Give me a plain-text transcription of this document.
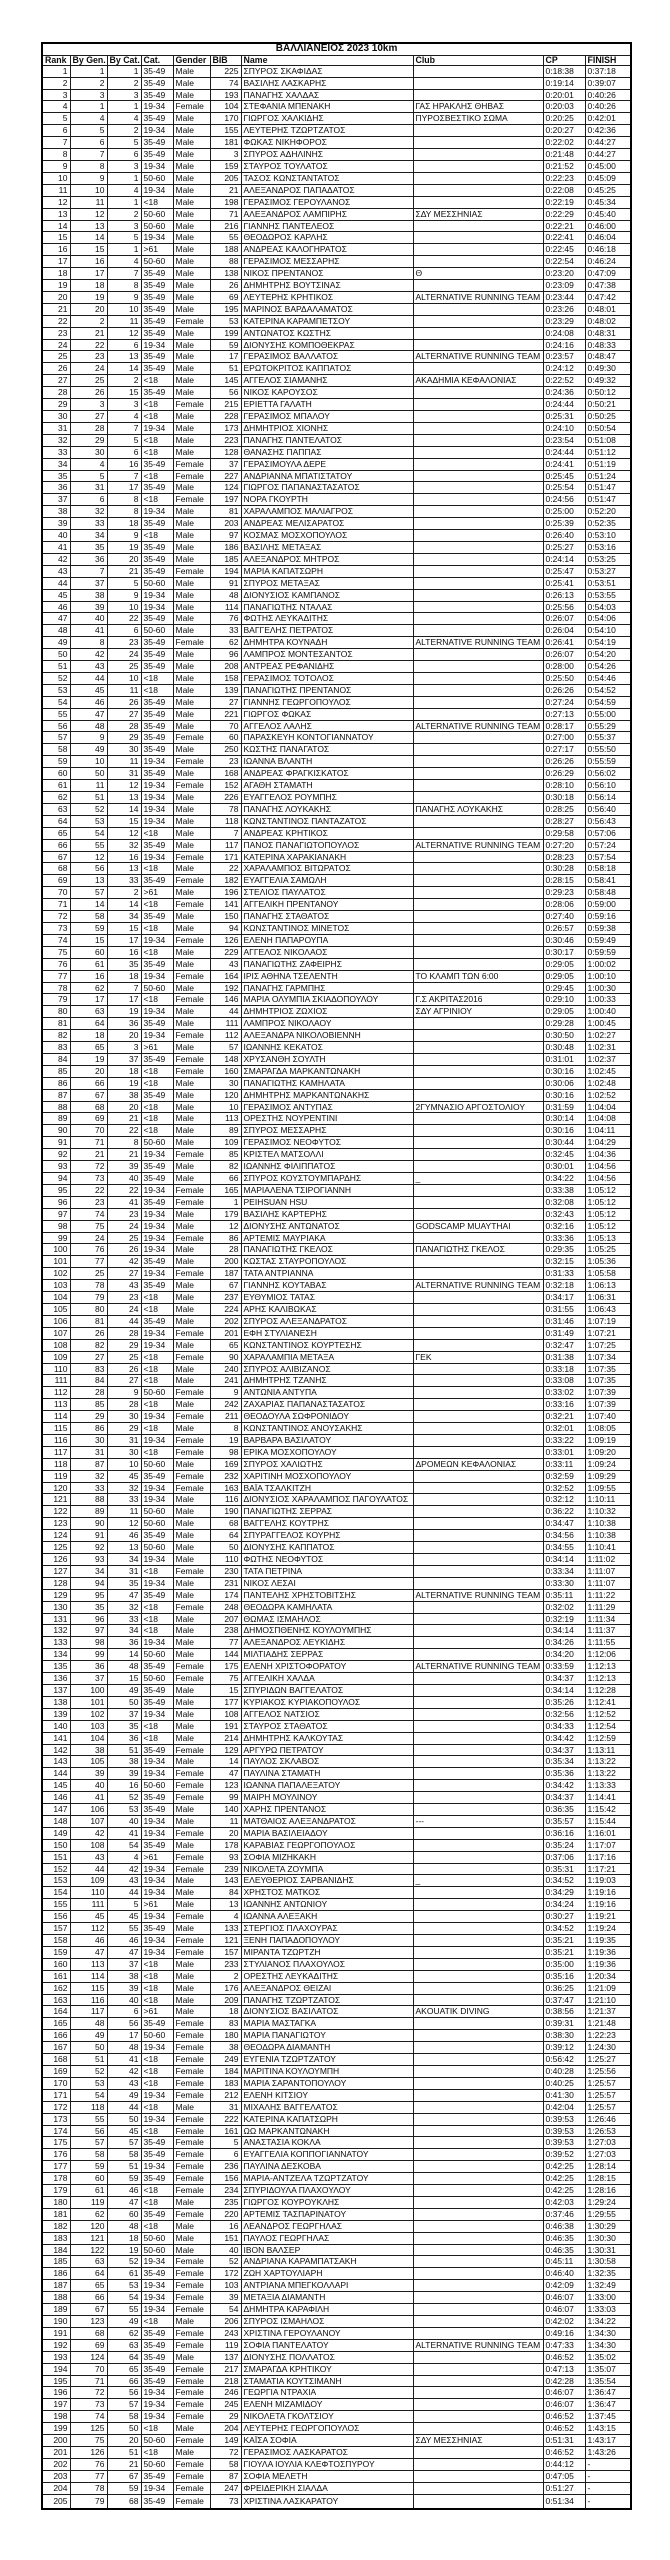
ΒΑΛΛΙΑΝΕΙΟΣ 2023 10km									
Rank	By Gen.	By Cat.	Cat.	Gender	BIB	Name	Club	CP	FINISH
1	1	1	35-49	Male	225	ΣΠΥΡΟΣ ΣΚΑΦΙΔΑΣ		0:18:38	0:37:18
2	2	2	35-49	Male	74	ΒΑΣΙΛΗΣ ΛΑΣΚΑΡΗΣ		0:19:14	0:39:07
3	3	3	35-49	Male	193	ΠΑΝΑΓΗΣ ΧΑΛΔΑΣ		0:20:01	0:40:26
4	1	1	19-34	Female	104	ΣΤΕΦΑΝΙΑ ΜΠΕΝΑΚΗ	ΓΑΣ ΗΡΑΚΛΗΣ ΘΗΒΑΣ	0:20:03	0:40:26
5	4	4	35-49	Male	170	ΓΙΩΡΓΟΣ ΧΑΛΚΙΔΗΣ	ΠΥΡΟΣΒΕΣΤΙΚΟ ΣΩΜΑ	0:20:25	0:42:01
6	5	2	19-34	Male	155	ΛΕΥΤΕΡΗΣ ΤΖΩΡΤΖΑΤΟΣ		0:20:27	0:42:36
7	6	5	35-49	Male	181	ΦΩΚΑΣ ΝΙΚΗΦΟΡΟΣ		0:22:02	0:44:27
8	7	6	35-49	Male	3	ΣΠΥΡΟΣ ΑΔΗΛΙΝΗΣ		0:21:48	0:44:27
9	8	3	19-34	Male	159	ΣΤΑΥΡΟΣ ΤΟΥΛΑΤΟΣ		0:21:52	0:45:00
10	9	1	50-60	Male	205	ΤΑΣΟΣ ΚΩΝΣΤΑΝΤΑΤΟΣ		0:22:23	0:45:09
11	10	4	19-34	Male	21	ΑΛΕΞΑΝΔΡΟΣ ΠΑΠΑΔΑΤΟΣ		0:22:08	0:45:25
12	11	1	<18	Male	198	ΓΕΡΑΣΙΜΟΣ ΓΕΡΟΥΛΑΝΟΣ		0:22:19	0:45:34
13	12	2	50-60	Male	71	ΑΛΕΞΑΝΔΡΟΣ ΛΑΜΠΙΡΗΣ	ΣΔΥ ΜΕΣΣΗΝΙΑΣ	0:22:29	0:45:40
14	13	3	50-60	Male	216	ΓΙΑΝΝΗΣ ΠΑΝΤΕΛΕΟΣ		0:22:21	0:46:00
15	14	5	19-34	Male	55	ΘΕΟΔΩΡΟΣ ΚΑΡΛΗΣ		0:22:41	0:46:04
16	15	1	>61	Male	188	ΑΝΔΡΕΑΣ ΚΑΛΟΓΗΡΑΤΟΣ		0:22:45	0:46:18
17	16	4	50-60	Male	88	ΓΕΡΑΣΙΜΟΣ ΜΕΣΣΑΡΗΣ		0:22:54	0:46:24
18	17	7	35-49	Male	138	ΝΙΚΟΣ ΠΡΕΝΤΑΝΟΣ	Θ	0:23:20	0:47:09
19	18	8	35-49	Male	26	ΔΗΜΗΤΡΗΣ ΒΟΥΤΣΙΝΑΣ		0:23:09	0:47:38
20	19	9	35-49	Male	69	ΛΕΥΤΕΡΗΣ ΚΡΗΤΙΚΟΣ	ALTERNATIVE RUNNING TEAM	0:23:44	0:47:42
21	20	10	35-49	Male	195	ΜΑΡΙΝΟΣ ΒΑΡΔΑΛΑΜΑΤΟΣ		0:23:26	0:48:01
22	2	11	35-49	Female	53	ΚΑΤΕΡΙΝΑ ΚΑΡΑΜΠΕΤΣΟΥ		0:23:29	0:48:02
23	21	12	35-49	Male	199	ΑΝΤΩΝΑΤΟΣ ΚΩΣΤΗΣ		0:24:08	0:48:31
24	22	6	19-34	Male	59	ΔΙΟΝΥΣΗΣ ΚΟΜΠΟΘΕΚΡΑΣ		0:24:16	0:48:33
25	23	13	35-49	Male	17	ΓΕΡΑΣΙΜΟΣ ΒΑΛΛΑΤΟΣ	ALTERNATIVE RUNNING TEAM	0:23:57	0:48:47
26	24	14	35-49	Male	51	ΕΡΩΤΟΚΡΙΤΟΣ ΚΑΠΠΑΤΟΣ		0:24:12	0:49:30
27	25	2	<18	Male	145	ΑΓΓΕΛΟΣ ΣΙΑΜΑΝΗΣ	ΑΚΑΔΗΜΙΑ ΚΕΦΑΛΟΝΙΑΣ	0:22:52	0:49:32
28	26	15	35-49	Male	56	ΝΙΚΟΣ ΚΑΡΟΥΣΟΣ		0:24:36	0:50:12
29	3	3	<18	Female	215	ΕΡΙΕΤΤΑ ΓΑΛΑΤΗ		0:24:44	0:50:21
30	27	4	<18	Male	228	ΓΕΡΑΣΙΜΟΣ ΜΠΑΛΟΥ		0:25:31	0:50:25
31	28	7	19-34	Male	173	ΔΗΜΗΤΡΙΟΣ ΧΙΟΝΗΣ		0:24:10	0:50:54
32	29	5	<18	Male	223	ΠΑΝΑΓΗΣ ΠΑΝΤΕΛΑΤΟΣ		0:23:54	0:51:08
33	30	6	<18	Male	128	ΘΑΝΑΣΗΣ ΠΑΠΠΑΣ		0:24:44	0:51:12
34	4	16	35-49	Female	37	ΓΕΡΑΣΙΜΟΥΛΑ ΔΕΡΕ		0:24:41	0:51:19
35	5	7	<18	Female	227	ΑΝΔΡΙΑΝΝΑ ΜΠΑΤΙΣΤΑΤΟΥ		0:25:45	0:51:24
36	31	17	35-49	Male	124	ΓΙΩΡΓΟΣ ΠΑΠΑΝΑΣΤΑΣΑΤΟΣ		0:25:54	0:51:47
37	6	8	<18	Female	197	ΝΟΡΑ ΓΚΟΥΡΤΗ		0:24:56	0:51:47
38	32	8	19-34	Male	81	ΧΑΡΑΛΑΜΠΟΣ ΜΑΛΙΑΓΡΟΣ		0:25:00	0:52:20
39	33	18	35-49	Male	203	ΑΝΔΡΕΑΣ ΜΕΛΙΣΑΡΑΤΟΣ		0:25:39	0:52:35
40	34	9	<18	Male	97	ΚΟΣΜΑΣ ΜΟΣΧΟΠΟΥΛΟΣ		0:26:40	0:53:10
41	35	19	35-49	Male	186	ΒΑΣΙΛΗΣ ΜΕΤΑΞΑΣ		0:25:27	0:53:16
42	36	20	35-49	Male	185	ΑΛΕΞΑΝΔΡΟΣ ΜΗΤΡΟΣ		0:24:14	0:53:25
43	7	21	35-49	Female	194	ΜΑΡΙΑ ΚΑΠΑΤΣΩΡΗ		0:25:47	0:53:27
44	37	5	50-60	Male	91	ΣΠΥΡΟΣ ΜΕΤΑΞΑΣ		0:25:41	0:53:51
45	38	9	19-34	Male	48	ΔΙΟΝΥΣΙΟΣ ΚΑΜΠΑΝΟΣ		0:26:13	0:53:55
46	39	10	19-34	Male	114	ΠΑΝΑΓΙΩΤΗΣ ΝΤΑΛΑΣ		0:25:56	0:54:03
47	40	22	35-49	Male	76	ΦΩΤΗΣ ΛΕΥΚΑΔΙΤΗΣ		0:26:07	0:54:06
48	41	6	50-60	Male	33	ΒΑΓΓΕΛΗΣ ΠΕΤΡΑΤΟΣ		0:26:04	0:54:10
49	8	23	35-49	Female	62	ΔΗΜΗΤΡΑ ΚΟΥΝΑΔΗ	ALTERNATIVE RUNNING TEAM	0:26:41	0:54:19
50	42	24	35-49	Male	96	ΛΑΜΠΡΟΣ ΜΟΝΤΕΣΑΝΤΟΣ		0:26:07	0:54:20
51	43	25	35-49	Male	208	ΑΝΤΡΕΑΣ ΡΕΦΑΝΙΔΗΣ		0:28:00	0:54:26
52	44	10	<18	Male	158	ΓΕΡΑΣΙΜΟΣ ΤΟΤΟΛΟΣ		0:25:50	0:54:46
53	45	11	<18	Male	139	ΠΑΝΑΓΙΩΤΗΣ ΠΡΕΝΤΑΝΟΣ		0:26:26	0:54:52
54	46	26	35-49	Male	27	ΓΙΑΝΝΗΣ ΓΕΩΡΓΟΠΟΥΛΟΣ		0:27:24	0:54:59
55	47	27	35-49	Male	221	ΓΙΩΡΓΟΣ ΦΩΚΑΣ		0:27:13	0:55:00
56	48	28	35-49	Male	70	ΑΓΓΕΛΟΣ ΛΑΛΗΣ	ALTERNATIVE RUNNING TEAM	0:28:17	0:55:29
57	9	29	35-49	Female	60	ΠΑΡΑΣΚΕΥΗ ΚΟΝΤΟΓΙΑΝΝΑΤΟΥ		0:27:00	0:55:37
58	49	30	35-49	Male	250	ΚΩΣΤΗΣ ΠΑΝΑΓΑΤΟΣ		0:27:17	0:55:50
59	10	11	19-34	Female	23	ΙΩΑΝΝΑ ΒΛΑΝΤΗ		0:26:26	0:55:59
60	50	31	35-49	Male	168	ΑΝΔΡΕΑΣ ΦΡΑΓΚΙΣΚΑΤΟΣ		0:26:29	0:56:02
61	11	12	19-34	Female	152	ΑΓΑΘΗ ΣΤΑΜΑΤΗ		0:28:10	0:56:10
62	51	13	19-34	Male	226	ΕΥΑΓΓΕΛΟΣ ΡΟΥΜΠΗΣ		0:30:18	0:56:14
63	52	14	19-34	Male	78	ΠΑΝΑΓΗΣ ΛΟΥΚΑΚΗΣ	ΠΑΝΑΓΗΣ ΛΟΥΚΑΚΗΣ	0:28:25	0:56:40
64	53	15	19-34	Male	118	ΚΩΝΣΤΑΝΤΙΝΟΣ ΠΑΝΤΑΖΑΤΟΣ		0:28:27	0:56:43
65	54	12	<18	Male	7	ΑΝΔΡΕΑΣ ΚΡΗΤΙΚΟΣ		0:29:58	0:57:06
66	55	32	35-49	Male	117	ΠΑΝΟΣ ΠΑΝΑΓΙΩΤΟΠΟΥΛΟΣ	ALTERNATIVE RUNNING TEAM	0:27:20	0:57:24
67	12	16	19-34	Female	171	ΚΑΤΕΡΙΝΑ ΧΑΡΑΚΙΑΝΑΚΗ		0:28:23	0:57:54
68	56	13	<18	Male	22	ΧΑΡΑΛΑΜΠΟΣ ΒΙΤΩΡΑΤΟΣ		0:30:28	0:58:18
69	13	33	35-49	Female	182	ΕΥΑΓΓΕΛΙΑ ΣΑΜΩΛΗ		0:28:15	0:58:41
70	57	2	>61	Male	196	ΣΤΕΛΙΟΣ ΠΑΥΛΑΤΟΣ		0:29:23	0:58:48
71	14	14	<18	Female	141	ΑΓΓΕΛΙΚΗ ΠΡΕΝΤΑΝΟΥ		0:28:06	0:59:00
72	58	34	35-49	Male	150	ΠΑΝΑΓΗΣ ΣΤΑΘΑΤΟΣ		0:27:40	0:59:16
73	59	15	<18	Male	94	ΚΩΝΣΤΑΝΤΙΝΟΣ ΜΙΝΕΤΟΣ		0:26:57	0:59:38
74	15	17	19-34	Female	126	ΕΛΕΝΗ ΠΑΠΑΡΟΥΠΑ		0:30:46	0:59:49
75	60	16	<18	Male	229	ΑΓΓΕΛΟΣ ΝΙΚΟΛΑΟΣ		0:30:17	0:59:59
76	61	35	35-49	Male	43	ΠΑΝΑΓΙΩΤΗΣ ΖΑΦΕΙΡΗΣ		0:29:05	1:00:02
77	16	18	19-34	Female	164	ΙΡΙΣ ΑΘΗΝΑ ΤΣΕΛΕΝΤΗ	ΤΟ ΚΛΑΜΠ ΤΩΝ 6:00	0:29:05	1:00:10
78	62	7	50-60	Male	192	ΠΑΝΑΓΗΣ ΓΑΡΜΠΗΣ		0:29:45	1:00:30
79	17	17	<18	Female	146	ΜΑΡΙΑ ΟΛΥΜΠΙΑ ΣΚΙΑΔΟΠΟΥΛΟΥ	Γ.Σ ΑΚΡΙΤΑΣ2016	0:29:10	1:00:33
80	63	19	19-34	Male	44	ΔΗΜΗΤΡΙΟΣ ΖΩΧΙΟΣ	ΣΔΥ ΑΓΡΙΝΙΟΥ	0:29:05	1:00:40
81	64	36	35-49	Male	111	ΛΑΜΠΡΟΣ ΝΙΚΟΛΑΟΥ		0:29:28	1:00:45
82	18	20	19-34	Female	112	ΑΛΕΞΑΝΔΡΑ ΝΙΚΟΛΟΒΙΕΝΝΗ		0:30:50	1:02:27
83	65	3	>61	Male	57	ΙΩΑΝΝΗΣ ΚΕΚΑΤΟΣ		0:30:48	1:02:31
84	19	37	35-49	Female	148	ΧΡΥΣΑΝΘΗ ΣΟΥΛΤΗ		0:31:01	1:02:37
85	20	18	<18	Female	160	ΣΜΑΡΑΓΔΑ ΜΑΡΚΑΝΤΩΝΑΚΗ		0:30:16	1:02:45
86	66	19	<18	Male	30	ΠΑΝΑΓΙΩΤΗΣ ΚΑΜΗΛΑΤΑ		0:30:06	1:02:48
87	67	38	35-49	Male	120	ΔΗΜΗΤΡΗΣ ΜΑΡΚΑΝΤΩΝΑΚΗΣ		0:30:16	1:02:52
88	68	20	<18	Male	10	ΓΕΡΑΣΙΜΟΣ ΑΝΤΥΠΑΣ	2ΓΥΜΝΑΣΙΟ ΑΡΓΟΣΤΟΛΙΟΥ	0:31:59	1:04:04
89	69	21	<18	Male	113	ΟΡΕΣΤΗΣ ΝΟΥΡΕΝΤΙΝΙ		0:30:14	1:04:08
90	70	22	<18	Male	89	ΣΠΥΡΟΣ ΜΕΣΣΑΡΗΣ		0:30:16	1:04:11
91	71	8	50-60	Male	109	ΓΕΡΑΣΙΜΟΣ ΝΕΟΦΥΤΟΣ		0:30:44	1:04:29
92	21	21	19-34	Female	85	ΚΡΙΣΤΕΛ ΜΑΤΣΟΛΛΙ		0:32:45	1:04:36
93	72	39	35-49	Male	82	ΙΩΑΝΝΗΣ ΦΙΛΙΠΠΑΤΟΣ		0:30:01	1:04:56
94	73	40	35-49	Male	66	ΣΠΥΡΟΣ ΚΟΥΣΤΟΥΜΠΑΡΔΗΣ	_	0:34:22	1:04:56
95	22	22	19-34	Female	165	ΜΑΡΙΑΛΕΝΑ ΤΣΙΡΟΓΙΑΝΝΗ		0:33:38	1:05:12
96	23	41	35-49	Female	1	PEIHSUAN HSU		0:32:08	1:05:12
97	74	23	19-34	Male	179	ΒΑΣΙΛΗΣ ΚΑΡΤΕΡΗΣ		0:32:43	1:05:12
98	75	24	19-34	Male	12	ΔΙΟΝΥΣΗΣ ΑΝΤΩΝΑΤΟΣ	GODSCAMP MUAYTHAI	0:32:16	1:05:12
99	24	25	19-34	Female	86	ΑΡΤΕΜΙΣ ΜΑΥΡΙΑΚΑ		0:33:36	1:05:13
100	76	26	19-34	Male	28	ΠΑΝΑΓΙΩΤΗΣ ΓΚΕΛΟΣ	ΠΑΝΑΓΙΩΤΗΣ ΓΚΕΛΟΣ	0:29:35	1:05:25
101	77	42	35-49	Male	200	ΚΩΣΤΑΣ ΣΤΑΥΡΟΠΟΥΛΟΣ		0:32:15	1:05:36
102	25	27	19-34	Female	187	ΤΑΤΑ ΑΝΤΡΙΑΝΝΑ		0:31:33	1:05:58
103	78	43	35-49	Male	67	ΓΙΑΝΝΗΣ ΚΟΥΤΑΒΑΣ	ALTERNATIVE RUNNING TEAM	0:32:18	1:06:13
104	79	23	<18	Male	237	ΕΥΘΥΜΙΟΣ ΤΑΤΑΣ		0:34:17	1:06:31
105	80	24	<18	Male	224	ΑΡΗΣ ΚΑΛΙΒΩΚΑΣ		0:31:55	1:06:43
106	81	44	35-49	Male	202	ΣΠΥΡΟΣ ΑΛΕΞΑΝΔΡΑΤΟΣ		0:31:46	1:07:19
107	26	28	19-34	Female	201	ΕΦΗ ΣΤΥΛΙΑΝΕΣΗ		0:31:49	1:07:21
108	82	29	19-34	Male	65	ΚΩΝΣΤΑΝΤΙΝΟΣ ΚΟΥΡΤΕΣΗΣ		0:32:47	1:07:25
109	27	25	<18	Female	90	ΧΑΡΑΛΑΜΠΙΑ ΜΕΤΑΞΑ	ΓΕΚ	0:31:38	1:07:34
110	83	26	<18	Male	240	ΣΠΥΡΟΣ ΑΛΙΒΙΖΑΝΟΣ		0:33:18	1:07:35
111	84	27	<18	Male	241	ΔΗΜΗΤΡΗΣ ΤΖΑΝΗΣ		0:33:08	1:07:35
112	28	9	50-60	Female	9	ΑΝΤΩΝΙΑ ΑΝΤΥΠΑ		0:33:02	1:07:39
113	85	28	<18	Male	242	ΖΑΧΑΡΙΑΣ ΠΑΠΑΝΑΣΤΑΣΑΤΟΣ		0:33:16	1:07:39
114	29	30	19-34	Female	211	ΘΕΟΔΟΥΛΑ ΣΩΦΡΟΝΙΔΟΥ		0:32:21	1:07:40
115	86	29	<18	Male	8	ΚΩΝΣΤΑΝΤΙΝΟΣ ΑΝΟΥΣΑΚΗΣ		0:32:01	1:08:05
116	30	31	19-34	Female	19	ΒΑΡΒΑΡΑ ΒΑΣΙΛΑΤΟΥ		0:33:22	1:09:19
117	31	30	<18	Female	98	ΕΡΙΚΑ ΜΟΣΧΟΠΟΥΛΟΥ		0:33:01	1:09:20
118	87	10	50-60	Male	169	ΣΠΥΡΟΣ ΧΑΛΙΩΤΗΣ	ΔΡΟΜΕΩΝ ΚΕΦΑΛΟΝΙΑΣ	0:33:11	1:09:24
119	32	45	35-49	Female	232	ΧΑΡΙΤΙΝΗ ΜΟΣΧΟΠΟΥΛΟΥ		0:32:59	1:09:29
120	33	32	19-34	Female	163	ΒΑΪΑ ΤΣΑΛΚΙΤΖΗ		0:32:52	1:09:55
121	88	33	19-34	Male	116	ΔΙΟΝΥΣΙΟΣ ΧΑΡΑΛΑΜΠΟΣ ΠΑΓΟΥΛΑΤΟΣ		0:32:12	1:10:11
122	89	11	50-60	Male	190	ΠΑΝΑΓΙΩΤΗΣ ΣΕΡΡΑΣ		0:36:22	1:10:32
123	90	12	50-60	Male	68	ΒΑΓΓΕΛΗΣ ΚΟΥΤΡΗΣ		0:34:47	1:10:38
124	91	46	35-49	Male	64	ΣΠΥΡΑΓΓΕΛΟΣ ΚΟΥΡΗΣ		0:34:56	1:10:38
125	92	13	50-60	Male	50	ΔΙΟΝΥΣΗΣ ΚΑΠΠΑΤΟΣ		0:34:55	1:10:41
126	93	34	19-34	Male	110	ΦΩΤΗΣ ΝΕΟΦΥΤΟΣ		0:34:14	1:11:02
127	34	31	<18	Female	230	ΤΑΤΑ ΠΕΤΡΙΝΑ		0:33:34	1:11:07
128	94	35	19-34	Male	231	ΝΙΚΟΣ ΛΕΣΑΙ		0:33:30	1:11:07
129	95	47	35-49	Male	174	ΠΑΝΤΕΛΗΣ ΧΡΗΣΤΟΒΙΤΣΗΣ	ALTERNATIVE RUNNING TEAM	0:35:11	1:11:22
130	35	32	<18	Female	248	ΘΕΟΔΩΡΑ ΚΑΜΗΛΑΤΑ		0:32:02	1:11:29
131	96	33	<18	Male	207	ΘΩΜΑΣ ΙΣΜΑΗΛΟΣ		0:32:19	1:11:34
132	97	34	<18	Male	238	ΔΗΜΟΣΠΘΕΝΗΣ ΚΟΥΛΟΥΜΠΗΣ		0:34:14	1:11:37
133	98	36	19-34	Male	77	ΑΛΕΞΑΝΔΡΟΣ ΛΕΥΚΙΔΗΣ		0:34:26	1:11:55
134	99	14	50-60	Male	144	ΜΙΛΤΙΑΔΗΣ ΣΕΡΡΑΣ		0:34:20	1:12:06
135	36	48	35-49	Female	175	ΕΛΕΝΗ ΧΡΙΣΤΟΦΟΡΑΤΟΥ	ALTERNATIVE RUNNING TEAM	0:33:59	1:12:13
136	37	15	50-60	Female	75	ΑΓΓΕΛΙΚΗ ΧΑΛΔΑ		0:34:37	1:12:13
137	100	49	35-49	Male	15	ΣΠΥΡΙΔΩΝ ΒΑΓΓΕΛΑΤΟΣ		0:34:14	1:12:28
138	101	50	35-49	Male	177	ΚΥΡΙΑΚΟΣ ΚΥΡΙΑΚΟΠΟΥΛΟΣ		0:35:26	1:12:41
139	102	37	19-34	Male	108	ΑΓΓΕΛΟΣ ΝΑΤΣΙΟΣ		0:32:56	1:12:52
140	103	35	<18	Male	191	ΣΤΑΥΡΟΣ ΣΤΑΘΑΤΟΣ		0:34:33	1:12:54
141	104	36	<18	Male	214	ΔΗΜΗΤΡΗΣ ΚΑΛΚΟΥΤΑΣ		0:34:42	1:12:59
142	38	51	35-49	Female	129	ΑΡΓΥΡΩ ΠΕΤΡΑΤΟΥ		0:34:37	1:13:11
143	105	38	19-34	Male	14	ΠΑΥΛΟΣ ΣΚΛΑΒΟΣ		0:35:34	1:13:22
144	39	39	19-34	Female	47	ΠΑΥΛΙΝΑ ΣΤΑΜΑΤΗ		0:35:36	1:13:22
145	40	16	50-60	Female	123	ΙΩΑΝΝΑ ΠΑΠΑΛΕΞΑΤΟΥ		0:34:42	1:13:33
146	41	52	35-49	Female	99	ΜΑΙΡΗ ΜΟΥΛΙΝΟΥ		0:34:37	1:14:41
147	106	53	35-49	Male	140	ΧΑΡΗΣ ΠΡΕΝΤΑΝΟΣ		0:36:35	1:15:42
148	107	40	19-34	Male	11	ΜΑΤΘΑΙΟΣ ΑΛΕΞΑΝΔΡΑΤΟΣ	---	0:35:57	1:15:44
149	42	41	19-34	Female	20	ΜΑΡΙΑ ΒΑΣΙΛΕΙΑΔΟΥ		0:36:16	1:16:01
150	108	54	35-49	Male	178	ΚΑΡΑΒΙΑΣ ΓΕΩΡΓΟΠΟΥΛΟΣ		0:35:24	1:17:07
151	43	4	>61	Female	93	ΣΟΦΙΑ ΜΙΖΗΚΑΚΗ		0:37:06	1:17:16
152	44	42	19-34	Female	239	ΝΙΚΟΛΕΤΑ ΖΟΥΜΠΑ		0:35:31	1:17:21
153	109	43	19-34	Male	143	ΕΛΕΥΘΕΡΙΟΣ ΣΑΡΒΑΝΙΔΗΣ	_	0:34:52	1:19:03
154	110	44	19-34	Male	84	ΧΡΗΣΤΟΣ ΜΑΤΚΟΣ		0:34:29	1:19:16
155	111	5	>61	Male	13	ΙΩΑΝΝΗΣ ΑΝΤΩΝΙΟΥ		0:34:24	1:19:16
156	45	45	19-34	Female	4	ΙΩΑΝΝΑ ΑΛΕΞΑΚΗ		0:30:27	1:19:21
157	112	55	35-49	Male	133	ΣΤΕΡΓΙΟΣ ΠΛΑΧΟΥΡΑΣ		0:34:52	1:19:24
158	46	46	19-34	Female	121	ΞΕΝΗ ΠΑΠΑΔΟΠΟΥΛΟΥ		0:35:21	1:19:35
159	47	47	19-34	Female	157	ΜΙΡΑΝΤΑ ΤΖΩΡΤΖΗ		0:35:21	1:19:36
160	113	37	<18	Male	233	ΣΤΥΛΙΑΝΟΣ ΠΛΑΧΟΥΛΟΣ		0:35:00	1:19:36
161	114	38	<18	Male	2	ΟΡΕΣΤΗΣ ΛΕΥΚΑΔΙΤΗΣ		0:35:16	1:20:34
162	115	39	<18	Male	176	ΑΛΕΞΑΝΔΡΟΣ ΘΕΙΖΑΙ		0:36:25	1:21:09
163	116	40	<18	Male	209	ΠΑΝΑΓΗΣ ΤΖΩΡΤΖΑΤΟΣ		0:37:47	1:21:10
164	117	6	>61	Male	18	ΔΙΟΝΥΣΙΟΣ ΒΑΣΙΛΑΤΟΣ	AKOUATIK DIVING	0:38:56	1:21:37
165	48	56	35-49	Female	83	ΜΑΡΙΑ ΜΑΣΤΑΓΚΑ		0:39:31	1:21:48
166	49	17	50-60	Female	180	ΜΑΡΙΑ ΠΑΝΑΓΙΩΤΟΥ		0:38:30	1:22:23
167	50	48	19-34	Female	38	ΘΕΟΔΩΡΑ ΔΙΑΜΑΝΤΗ		0:39:12	1:24:30
168	51	41	<18	Female	249	ΕΥΓΕΝΙΑ ΤΖΩΡΤΖΑΤΟΥ		0:56:42	1:25:27
169	52	42	<18	Female	184	ΜΑΡΙΤΙΝΑ ΚΟΥΛΟΥΜΠΗ		0:40:28	1:25:56
170	53	43	<18	Female	183	ΜΑΡΙΑ ΣΑΡΑΝΤΟΠΟΥΛΟΥ		0:40:25	1:25:57
171	54	49	19-34	Female	212	ΕΛΕΝΗ ΚΙΤΣΙΟΥ		0:41:30	1:25:57
172	118	44	<18	Male	31	ΜΙΧΑΛΗΣ ΒΑΓΓΕΛΑΤΟΣ		0:42:04	1:25:57
173	55	50	19-34	Female	222	ΚΑΤΕΡΙΝΑ ΚΑΠΑΤΣΩΡΗ		0:39:53	1:26:46
174	56	45	<18	Female	161	ΩΩ ΜΑΡΚΑΝΤΩΝΑΚΗ		0:39:53	1:26:53
175	57	57	35-49	Female	5	ΑΝΑΣΤΑΣΙΑ ΚΟΚΛΑ		0:39:53	1:27:03
176	58	58	35-49	Female	6	ΕΥΑΓΓΕΛΙΑ ΚΟΠΠΟΓΙΑΝΝΑΤΟΥ		0:39:52	1:27:03
177	59	51	19-34	Female	236	ΠΑΥΛΙΝΑ ΔΕΣΚΟΒΑ		0:42:25	1:28:14
178	60	59	35-49	Female	156	ΜΑΡΙΑ-ΑΝΤΖΕΛΑ ΤΖΩΡΤΖΑΤΟΥ		0:42:25	1:28:15
179	61	46	<18	Female	234	ΣΠΥΡΙΔΟΥΛΑ ΠΛΑΧΟΥΛΟΥ		0:42:25	1:28:16
180	119	47	<18	Male	235	ΓΙΩΡΓΟΣ ΚΟΥΡΟΥΚΛΗΣ		0:42:03	1:29:24
181	62	60	35-49	Female	220	ΑΡΤΕΜΙΣ ΤΑΣΠΑΡΙΝΑΤΟΥ		0:37:46	1:29:55
182	120	48	<18	Male	16	ΛΕΑΝΔΡΟΣ ΓΕΩΡΓΗΛΑΣ		0:46:38	1:30:29
183	121	18	50-60	Male	151	ΠΑΥΛΟΣ ΓΕΩΡΓΗΛΑΣ		0:46:35	1:30:30
184	122	19	50-60	Male	40	ΙΒΟΝ ΒΑΛΣΕΡ		0:46:35	1:30:31
185	63	52	19-34	Female	52	ΑΝΔΡΙΑΝΑ ΚΑΡΑΜΠΑΤΣΑΚΗ		0:45:11	1:30:58
186	64	61	35-49	Female	172	ΖΩΗ ΧΑΡΤΟΥΛΙΑΡΗ		0:46:40	1:32:35
187	65	53	19-34	Female	103	ΑΝΤΡΙΑΝΑ ΜΠΕΓΚΟΛΛΑΡΙ		0:42:09	1:32:49
188	66	54	19-34	Female	39	ΜΕΤΑΞΙΑ ΔΙΑΜΑΝΤΗ		0:46:07	1:33:00
189	67	55	19-34	Female	54	ΔΗΜΗΤΡΑ ΚΑΡΑΦΙΛΗ		0:46:07	1:33:03
190	123	49	<18	Male	206	ΣΠΥΡΟΣ ΙΣΜΑΗΛΟΣ		0:42:02	1:34:22
191	68	62	35-49	Female	243	ΧΡΙΣΤΙΝΑ ΓΕΡΟΥΛΑΝΟΥ		0:49:16	1:34:30
192	69	63	35-49	Female	119	ΣΟΦΙΑ ΠΑΝΤΕΛΑΤΟΥ	ALTERNATIVE RUNNING TEAM	0:47:33	1:34:30
193	124	64	35-49	Male	137	ΔΙΟΝΥΣΗΣ ΠΟΛΛΑΤΟΣ		0:46:52	1:35:02
194	70	65	35-49	Female	217	ΣΜΑΡΑΓΔΑ ΚΡΗΤΙΚΟΥ		0:47:13	1:35:07
195	71	66	35-49	Female	218	ΣΤΑΜΑΤΙΑ ΚΟΥΤΣΙΜΑΝΗ		0:42:28	1:35:54
196	72	56	19-34	Female	246	ΓΕΩΡΓΙΑ ΝΤΡΑΧΙΑ		0:46:07	1:36:47
197	73	57	19-34	Female	245	ΕΛΕΝΗ ΜΙΖΑΜΙΔΟΥ		0:46:07	1:36:47
198	74	58	19-34	Female	29	ΝΙΚΟΛΕΤΑ ΓΚΟΛΤΣΙΟΥ		0:46:52	1:37:45
199	125	50	<18	Male	204	ΛΕΥΤΕΡΗΣ ΓΕΩΡΓΟΠΟΥΛΟΣ		0:46:52	1:43:15
200	75	20	50-60	Female	149	ΚΑΪΣΑ ΣΟΦΙΑ	ΣΔΥ ΜΕΣΣΗΝΙΑΣ	0:51:31	1:43:17
201	126	51	<18	Male	72	ΓΕΡΑΣΙΜΟΣ ΛΑΣΚΑΡΑΤΟΣ		0:46:52	1:43:26
202	76	21	50-60	Female	58	ΓΙΟΥΛΑ ΙΟΥΛΙΑ ΚΛΕΦΤΟΣΠΥΡΟΥ		0:44:12	-
203	77	67	35-49	Female	87	ΣΟΦΙΑ ΜΕΛΕΤΗ		0:47:05	-
204	78	59	19-34	Female	247	ΦΡΕΙΔΕΡΙΚΗ ΣΙΑΛΔΑ		0:51:27	-
205	79	68	35-49	Female	73	ΧΡΙΣΤΙΝΑ ΛΑΣΚΑΡΑΤΟΥ		0:51:34	-
